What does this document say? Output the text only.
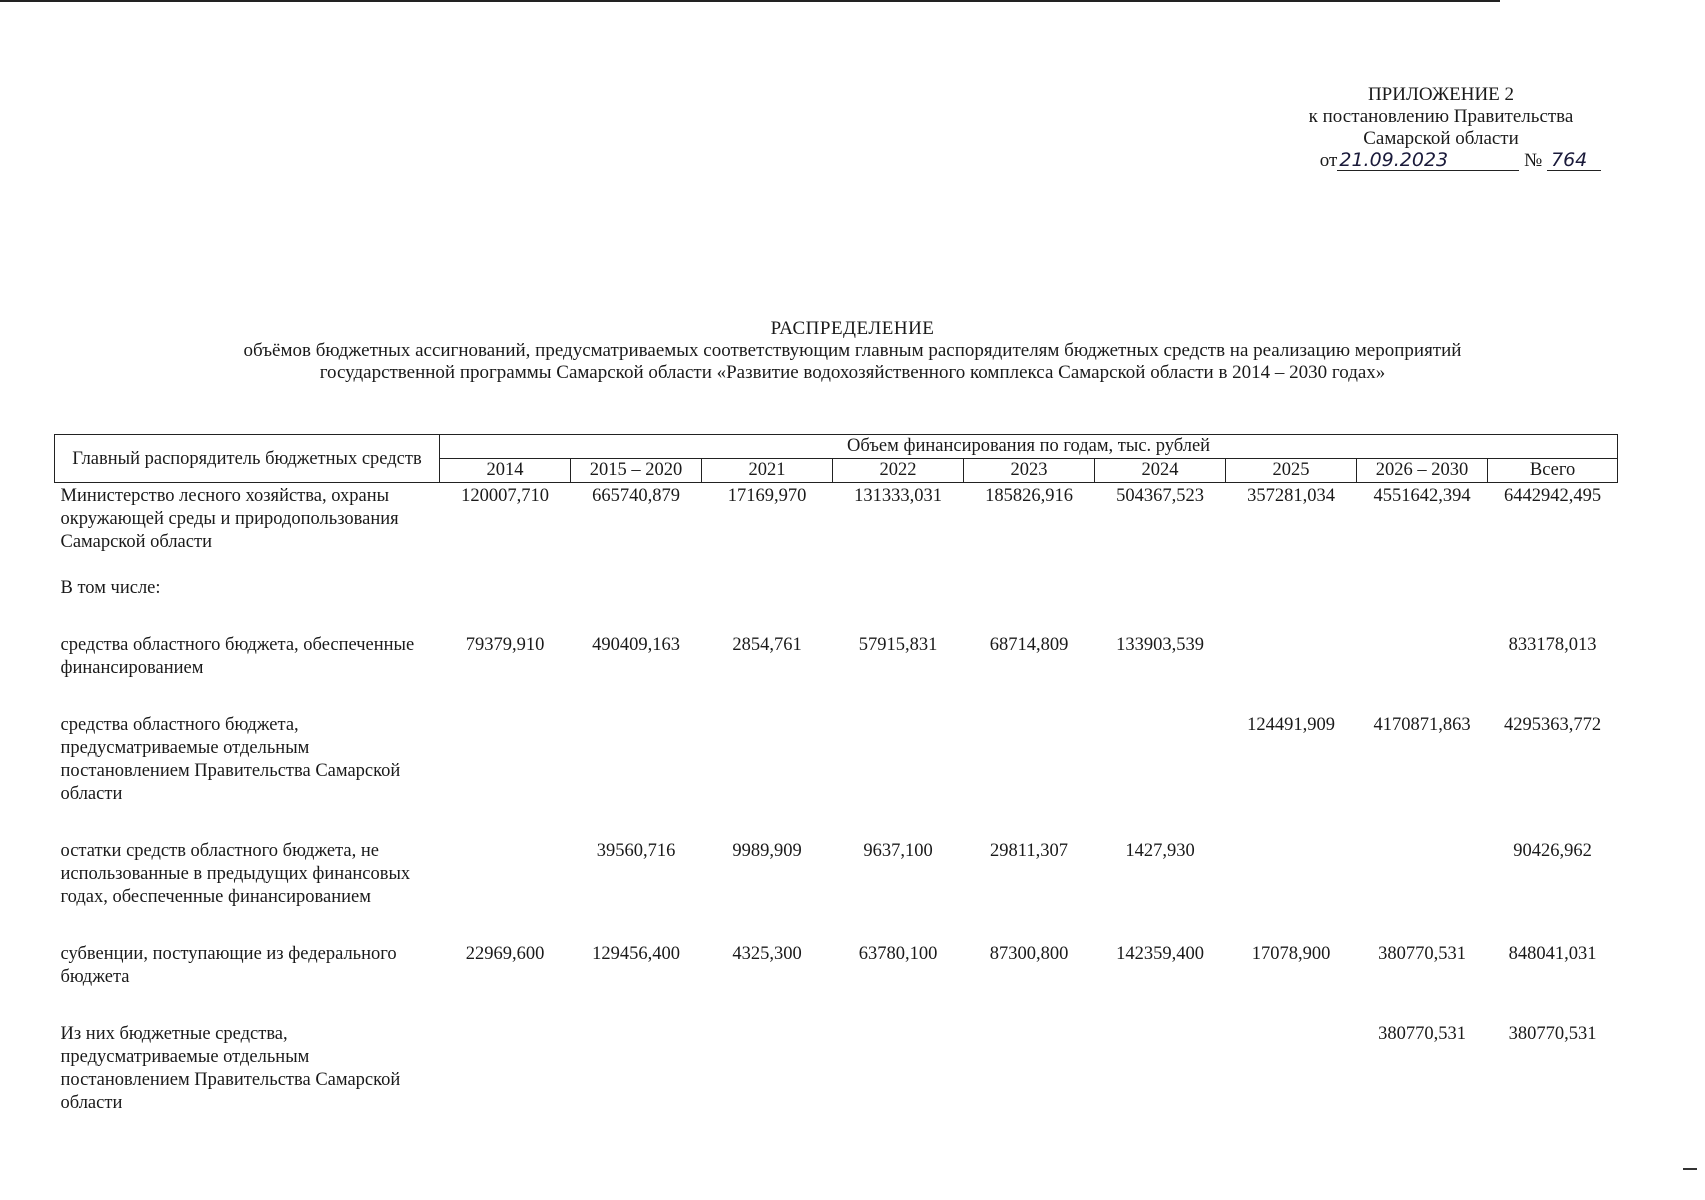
ПРИЛОЖЕНИЕ 2
к постановлению Правительства
Самарской области
от 21.09.2023	№ 764
РАСПРЕДЕЛЕНИЕ
объёмов бюджетных ассигнований, предусматриваемых соответствующим главным распорядителям бюджетных средств на реализацию мероприятий
государственной программы Самарской области «Развитие водохозяйственного комплекса Самарской области в 2014 – 2030 годах»
Главный распорядитель бюджетных средств	Объем финансирования по годам, тыс. рублей								
	2014	2015 – 2020	2021	2022	2023	2024	2025	2026 – 2030	Всего
Министерство лесного хозяйства, охраны окружающей среды и природопользования Самарской области	120007,710	665740,879	17169,970	131333,031	185826,916	504367,523	357281,034	4551642,394	6442942,495

В том числе:									

средства областного бюджета, обеспеченные финансированием	79379,910	490409,163	2854,761	57915,831	68714,809	133903,539			833178,013

средства областного бюджета, предусматриваемые отдельным постановлением Правительства Самарской области							124491,909	4170871,863	4295363,772

остатки средств областного бюджета, не использованные в предыдущих финансовых годах, обеспеченные финансированием		39560,716	9989,909	9637,100	29811,307	1427,930			90426,962

субвенции, поступающие из федерального бюджета	22969,600	129456,400	4325,300	63780,100	87300,800	142359,400	17078,900	380770,531	848041,031

Из них бюджетные средства, предусматриваемые отдельным постановлением Правительства Самарской области								380770,531	380770,531
